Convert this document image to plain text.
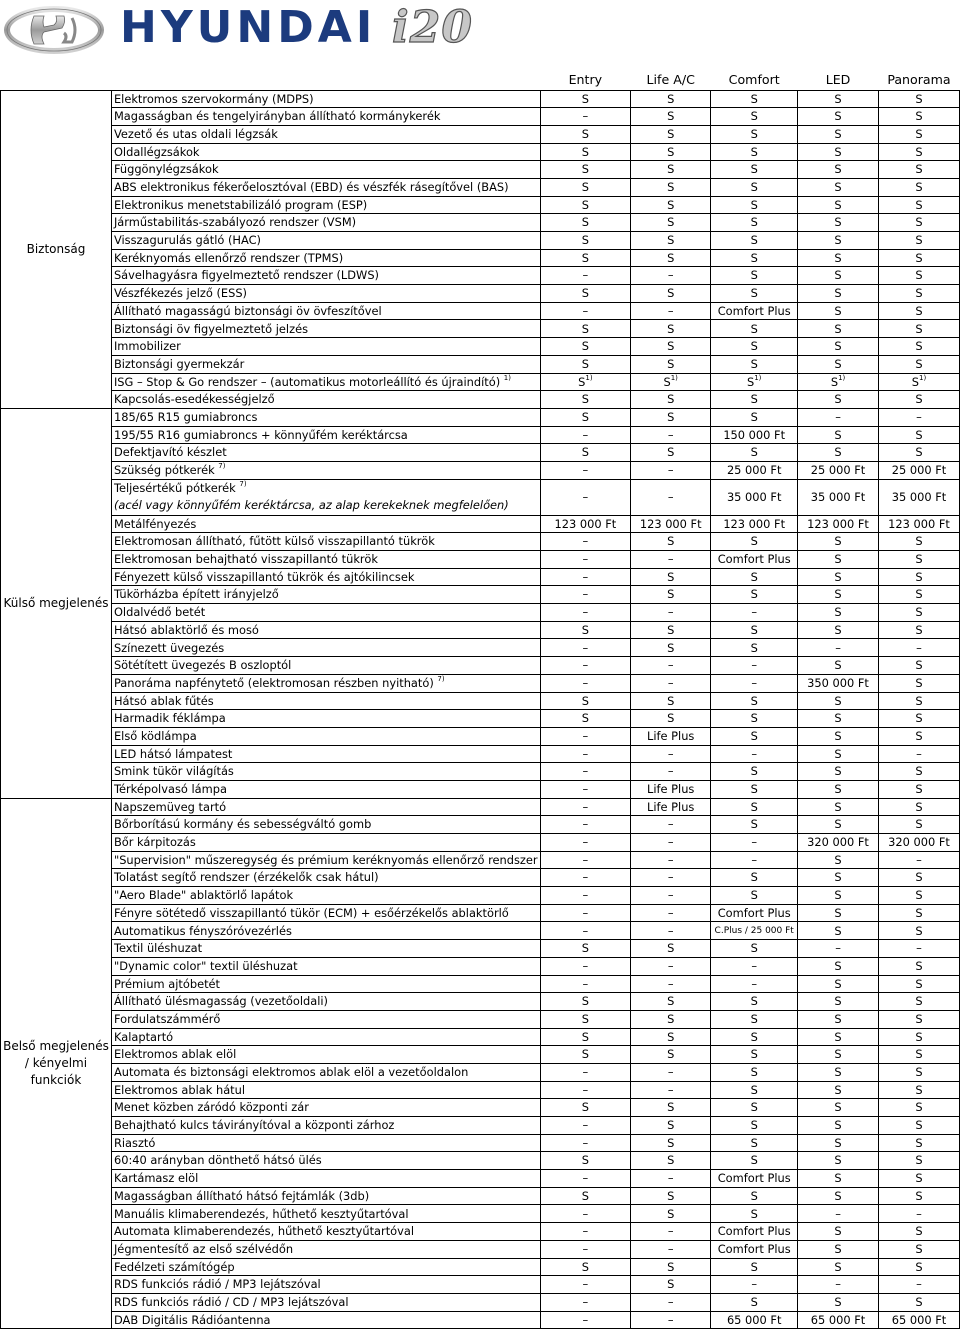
HYUNDAI i20
		Entry	Life A/C	Comfort	LED	Panorama
Biztonság	Elektromos szervokormány (MDPS)	S	S	S	S	S
	Magasságban és tengelyirányban állítható kormánykerék	–	S	S	S	S
	Vezető és utas oldali légzsák	S	S	S	S	S
	Oldallégzsákok	S	S	S	S	S
	Függönylégzsákok	S	S	S	S	S
	ABS elektronikus fékerőelosztóval (EBD) és vészfék rásegítővel (BAS)	S	S	S	S	S
	Elektronikus menetstabilizáló program (ESP)	S	S	S	S	S
	Járműstabilitás-szabályozó rendszer (VSM)	S	S	S	S	S
	Visszagurulás gátló (HAC)	S	S	S	S	S
	Keréknyomás ellenőrző rendszer (TPMS)	S	S	S	S	S
	Sávelhagyásra figyelmeztető rendszer (LDWS)	–	–	S	S	S
	Vészfékezés jelző (ESS)	S	S	S	S	S
	Állítható magasságú biztonsági öv övfeszítővel	–	–	Comfort Plus	S	S
	Biztonsági öv figyelmeztető jelzés	S	S	S	S	S
	Immobilizer	S	S	S	S	S
	Biztonsági gyermekzár	S	S	S	S	S
	ISG – Stop & Go rendszer – (automatikus motorleállító és újraindító) $^{1)}$	$S^{1)}$	$S^{1)}$	$S^{1)}$	$S^{1)}$	$S^{1)}$
	Kapcsolás-esedékességjelző	S	S	S	S	S
Külső megjelenés	185/65 R15 gumiabroncs	S	S	S	–	–
	195/55 R16 gumiabroncs + könnyűfém keréktárcsa	–	–	150 000 Ft	S	S
	Defektjavító készlet	S	S	S	S	S
	Szükség pótkerék $^{7)}$	–	–	25 000 Ft	25 000 Ft	25 000 Ft
	Teljesértékű pótkerék $^{7)}$
(acél vagy könnyűfém keréktárcsa, az alap kerekeknek megfelelően)	–	–	35 000 Ft	35 000 Ft	35 000 Ft
	Metálfényezés	123 000 Ft	123 000 Ft	123 000 Ft	123 000 Ft	123 000 Ft
	Elektromosan állítható, fűtött külső visszapillantó tükrök	–	S	S	S	S
	Elektromosan behajtható visszapillantó tükrök	–	–	Comfort Plus	S	S
	Fényezett külső visszapillantó tükrök és ajtókilincsek	–	S	S	S	S
	Tükörházba épített irányjelző	–	S	S	S	S
	Oldalvédő betét	–	–	–	S	S
	Hátsó ablaktörlő és mosó	S	S	S	S	S
	Színezett üvegezés	–	S	S	–	–
	Sötétített üvegezés B oszloptól	–	–	–	S	S
	Panoráma napfénytető (elektromosan részben nyitható) $^{7)}$	–	–	–	350 000 Ft	S
	Hátsó ablak fűtés	S	S	S	S	S
	Harmadik féklámpa	S	S	S	S	S
	Első ködlámpa	–	Life Plus	S	S	S
	LED hátsó lámpatest	–	–	–	S	–
	Smink tükör világítás	–	–	S	S	S
	Térképolvasó lámpa	–	Life Plus	S	S	S
Belső megjelenés / kényelmi funkciók	Napszemüveg tartó	–	Life Plus	S	S	S
	Bőrborítású kormány és sebességváltó gomb	–	–	S	S	S
	Bőr kárpitozás	–	–	–	320 000 Ft	320 000 Ft
	"Supervision" műszeregység és prémium keréknyomás ellenőrző rendszer	–	–	–	S	–
	Tolatást segítő rendszer (érzékelők csak hátul)	–	–	S	S	S
	"Aero Blade" ablaktörlő lapátok	–	–	S	S	S
	Fényre sötétedő visszapillantó tükör (ECM) + esőérzékelős ablaktörlő	–	–	Comfort Plus	S	S
	Automatikus fényszóróvezérlés	–	–	C.Plus / 25 000 Ft	S	S
	Textil üléshuzat	S	S	S	–	–
	"Dynamic color" textil üléshuzat	–	–	–	S	S
	Prémium ajtóbetét	–	–	–	S	S
	Állítható ülésmagasság (vezetőoldali)	S	S	S	S	S
	Fordulatszámmérő	S	S	S	S	S
	Kalaptartó	S	S	S	S	S
	Elektromos ablak elöl	S	S	S	S	S
	Automata és biztonsági elektromos ablak elöl a vezetőoldalon	–	–	S	S	S
	Elektromos ablak hátul	–	–	S	S	S
	Menet közben záródó központi zár	S	S	S	S	S
	Behajtható kulcs távirányítóval a központi zárhoz	–	S	S	S	S
	Riasztó	–	S	S	S	S
	60:40 arányban dönthető hátsó ülés	S	S	S	S	S
	Kartámasz elöl	–	–	Comfort Plus	S	S
	Magasságban állítható hátsó fejtámlák (3db)	S	S	S	S	S
	Manuális klimaberendezés, hűthető kesztyűtartóval	–	S	S	–	–
	Automata klimaberendezés, hűthető kesztyűtartóval	–	–	Comfort Plus	S	S
	Jégmentesítő az első szélvédőn	–	–	Comfort Plus	S	S
	Fedélzeti számítógép	S	S	S	S	S
	RDS funkciós rádió / MP3 lejátszóval	–	S	–	–	–
	RDS funkciós rádió / CD / MP3 lejátszóval	–	–	S	S	S
	DAB Digitális Rádióantenna	–	–	65 000 Ft	65 000 Ft	65 000 Ft
